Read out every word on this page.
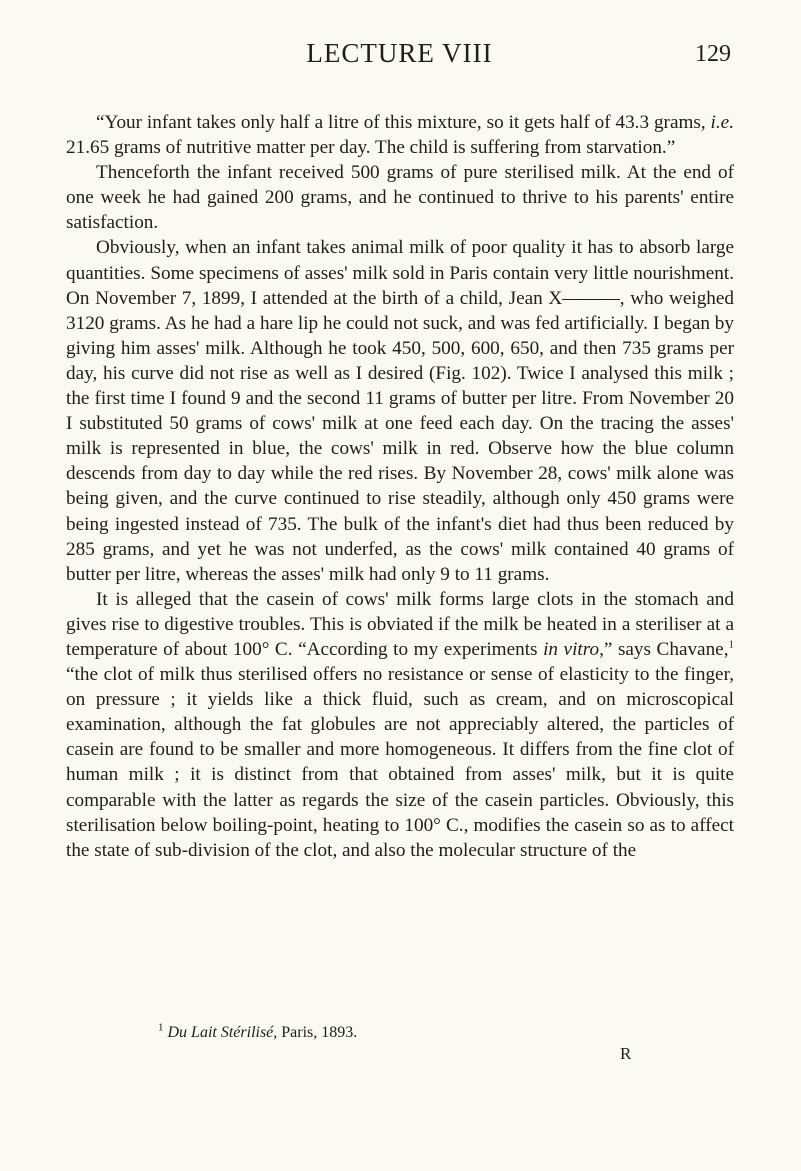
LECTURE VIII	129

“Your infant takes only half a litre of this mixture, so it gets half of 43.3 grams, i.e. 21.65 grams of nutritive matter per day. The child is suffering from starvation.”

Thenceforth the infant received 500 grams of pure sterilised milk. At the end of one week he had gained 200 grams, and he continued to thrive to his parents' entire satisfaction.

Obviously, when an infant takes animal milk of poor quality it has to absorb large quantities. Some specimens of asses' milk sold in Paris contain very little nourishment. On November 7, 1899, I attended at the birth of a child, Jean X———, who weighed 3120 grams. As he had a hare lip he could not suck, and was fed artificially. I began by giving him asses' milk. Although he took 450, 500, 600, 650, and then 735 grams per day, his curve did not rise as well as I desired (Fig. 102). Twice I analysed this milk ; the first time I found 9 and the second 11 grams of butter per litre. From November 20 I substituted 50 grams of cows' milk at one feed each day. On the tracing the asses' milk is represented in blue, the cows' milk in red. Observe how the blue column descends from day to day while the red rises. By November 28, cows' milk alone was being given, and the curve continued to rise steadily, although only 450 grams were being ingested instead of 735. The bulk of the infant's diet had thus been reduced by 285 grams, and yet he was not underfed, as the cows' milk contained 40 grams of butter per litre, whereas the asses' milk had only 9 to 11 grams.

It is alleged that the casein of cows' milk forms large clots in the stomach and gives rise to digestive troubles. This is obviated if the milk be heated in a steriliser at a temperature of about 100° C. “According to my experiments in vitro,” says Chavane,$^1$ “the clot of milk thus sterilised offers no resistance or sense of elasticity to the finger, on pressure ; it yields like a thick fluid, such as cream, and on microscopical examination, although the fat globules are not appreciably altered, the particles of casein are found to be smaller and more homogeneous. It differs from the fine clot of human milk ; it is distinct from that obtained from asses' milk, but it is quite comparable with the latter as regards the size of the casein particles. Obviously, this sterilisation below boiling-point, heating to 100° C., modifies the casein so as to affect the state of sub-division of the clot, and also the molecular structure of the

$^1$ Du Lait Stérilisé, Paris, 1893.
R
